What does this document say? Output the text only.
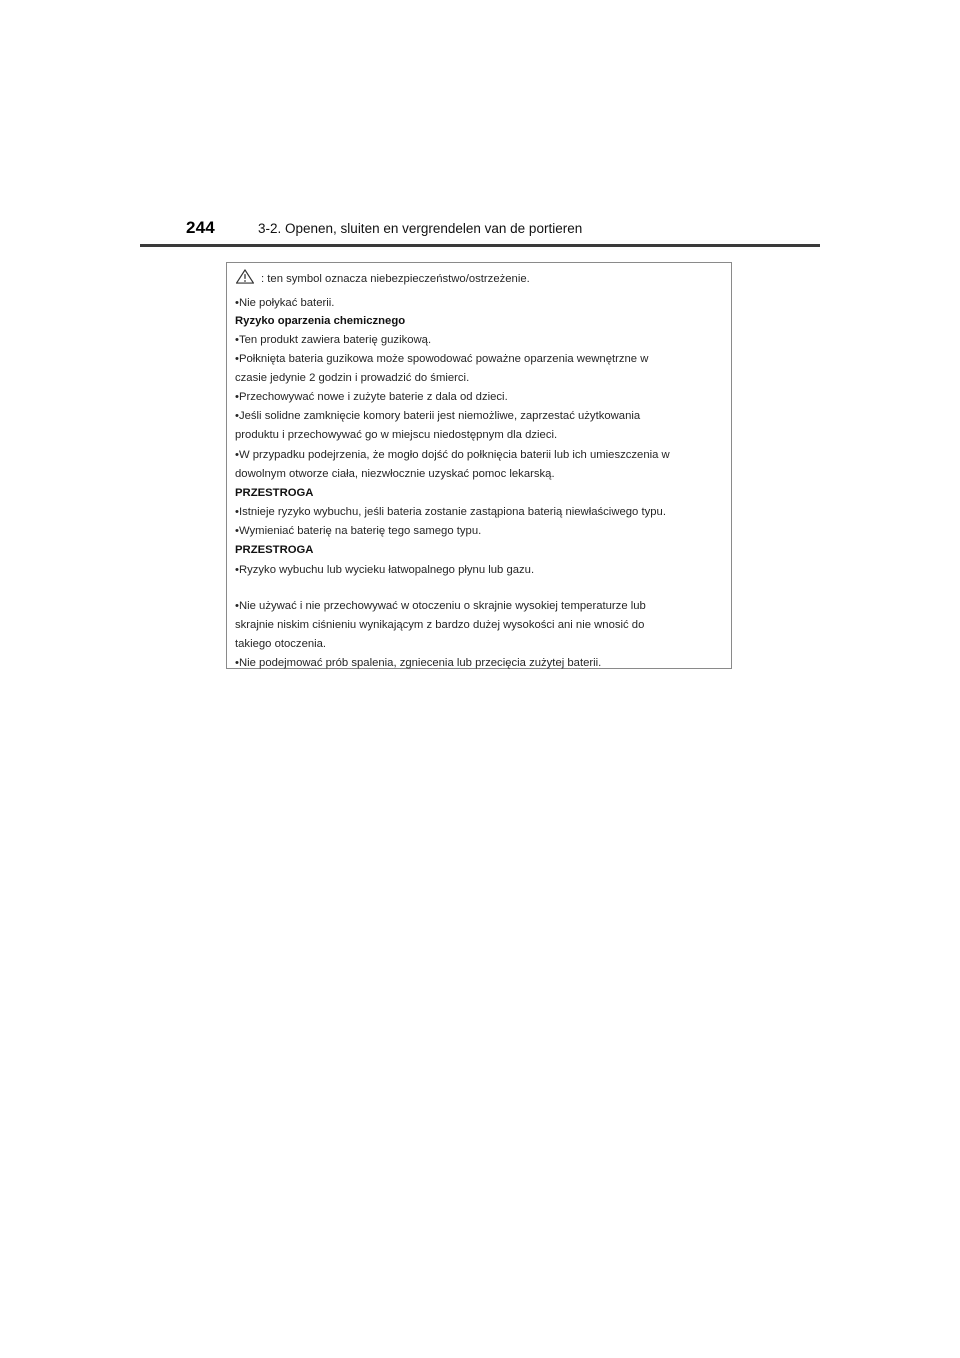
244	3-2. Openen, sluiten en vergrendelen van de portieren
: ten symbol oznacza niebezpieczeństwo/ostrzeżenie.
•Nie połykać baterii.
Ryzyko oparzenia chemicznego
•Ten produkt zawiera baterię guzikową.
•Połknięta bateria guzikowa może spowodować poważne oparzenia wewnętrzne w
czasie jedynie 2 godzin i prowadzić do śmierci.
•Przechowywać nowe i zużyte baterie z dala od dzieci.
•Jeśli solidne zamknięcie komory baterii jest niemożliwe, zaprzestać użytkowania
produktu i przechowywać go w miejscu niedostępnym dla dzieci.
•W przypadku podejrzenia, że mogło dojść do połknięcia baterii lub ich umieszczenia w
dowolnym otworze ciała, niezwłocznie uzyskać pomoc lekarską.
PRZESTROGA
•Istnieje ryzyko wybuchu, jeśli bateria zostanie zastąpiona baterią niewłaściwego typu.
•Wymieniać baterię na baterię tego samego typu.
PRZESTROGA
•Ryzyko wybuchu lub wycieku łatwopalnego płynu lub gazu.
•Nie używać i nie przechowywać w otoczeniu o skrajnie wysokiej temperaturze lub
skrajnie niskim ciśnieniu wynikającym z bardzo dużej wysokości ani nie wnosić do
takiego otoczenia.
•Nie podejmować prób spalenia, zgniecenia lub przecięcia zużytej baterii.
